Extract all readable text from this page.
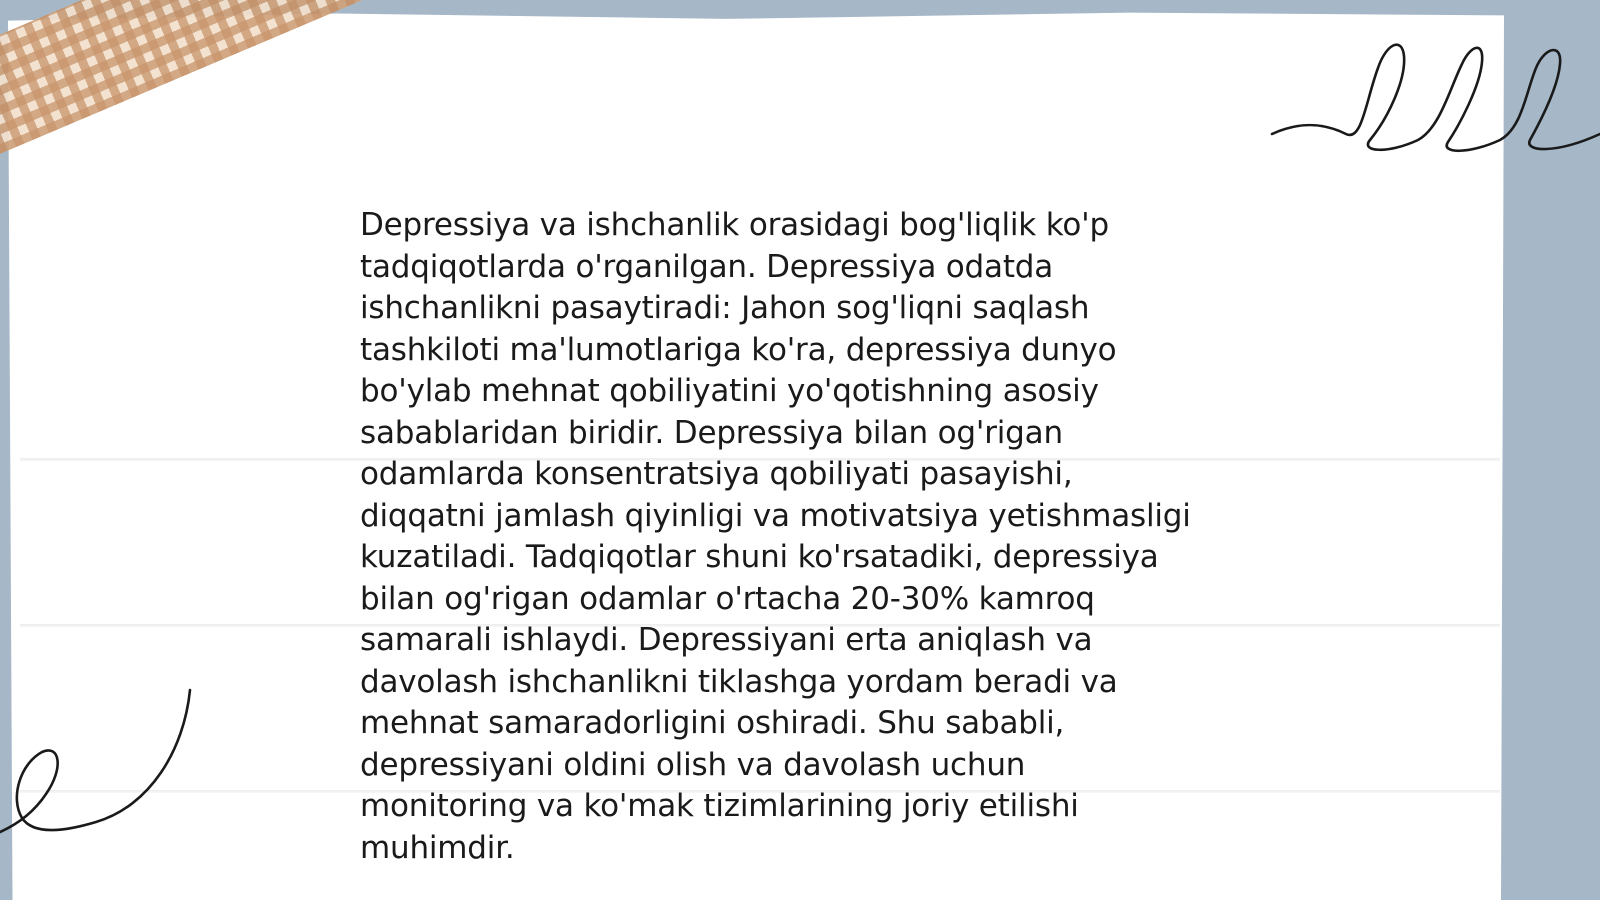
Depressiya va ishchanlik orasidagi bog'liqlik ko'p
tadqiqotlarda o'rganilgan. Depressiya odatda
ishchanlikni pasaytiradi: Jahon sog'liqni saqlash
tashkiloti ma'lumotlariga ko'ra, depressiya dunyo
bo'ylab mehnat qobiliyatini yo'qotishning asosiy
sabablaridan biridir. Depressiya bilan og'rigan
odamlarda konsentratsiya qobiliyati pasayishi,
diqqatni jamlash qiyinligi va motivatsiya yetishmasligi
kuzatiladi. Tadqiqotlar shuni ko'rsatadiki, depressiya
bilan og'rigan odamlar o'rtacha 20-30% kamroq
samarali ishlaydi. Depressiyani erta aniqlash va
davolash ishchanlikni tiklashga yordam beradi va
mehnat samaradorligini oshiradi. Shu sababli,
depressiyani oldini olish va davolash uchun
monitoring va ko'mak tizimlarining joriy etilishi
muhimdir.
